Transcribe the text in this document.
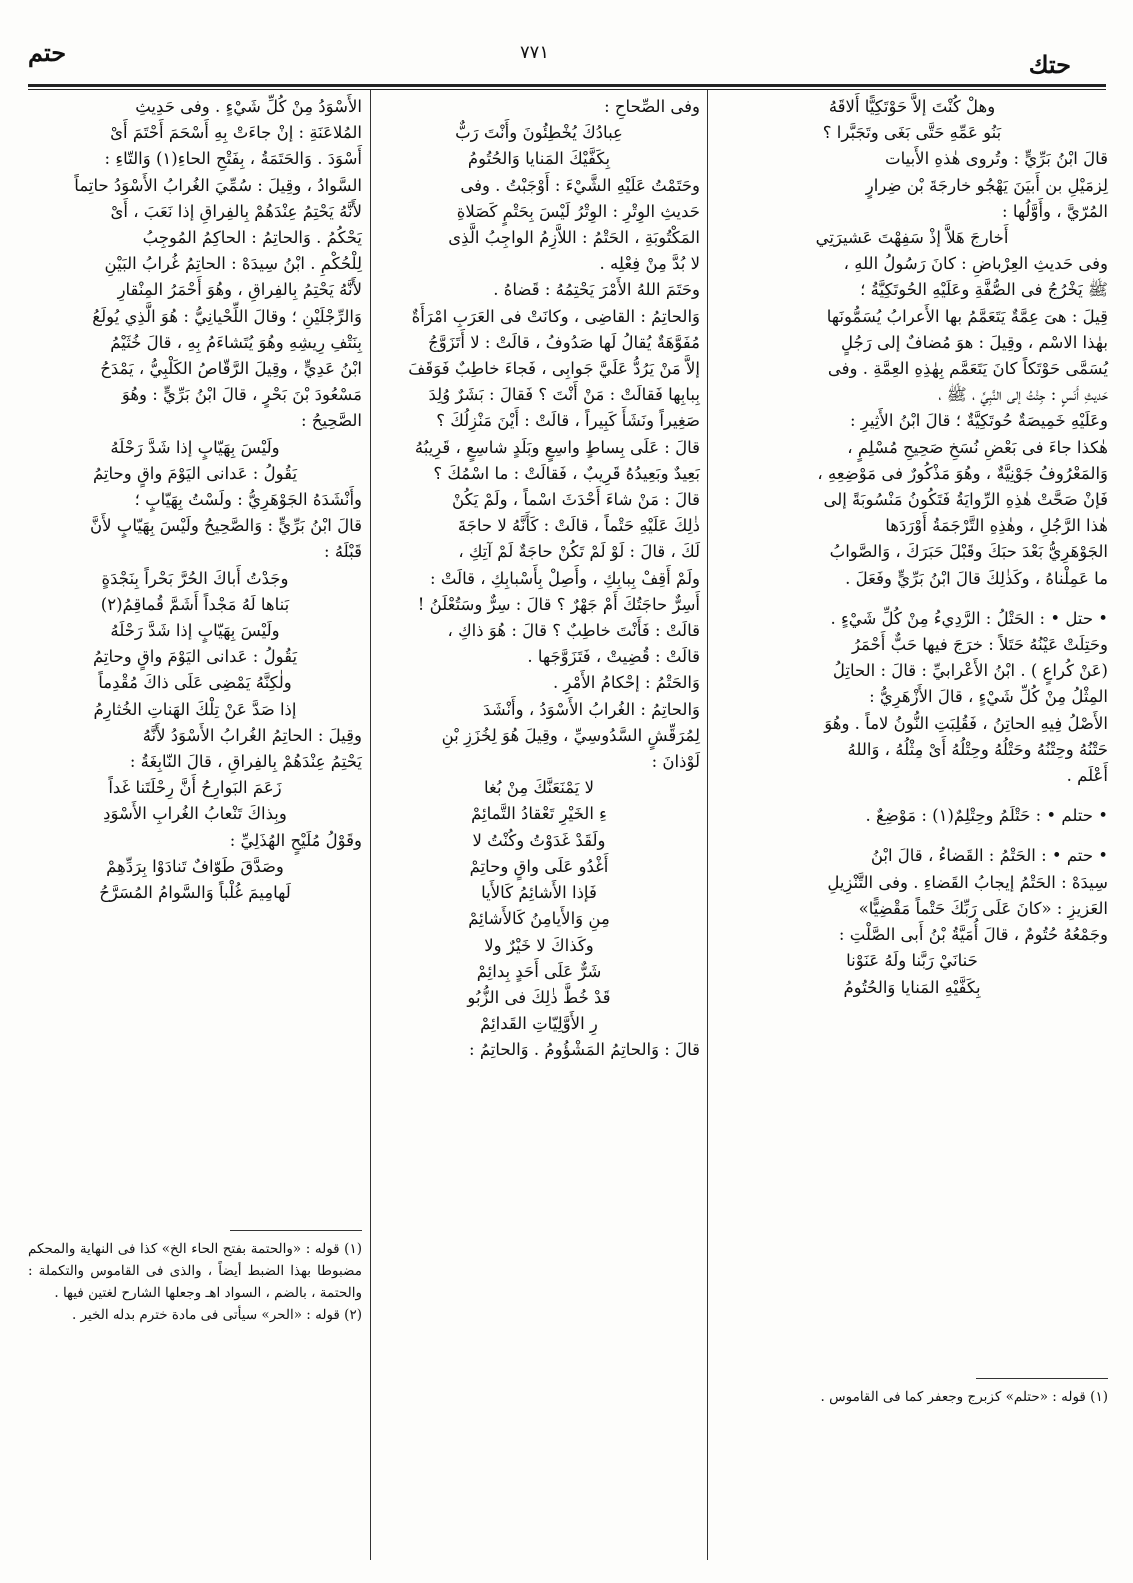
حتم	٧٧١	حتك

وهلْ كُنْتَ إلاَّ حَوْتَكِيًّا أَلاقَهُ

بَنُو عَمِّهِ حَتَّى بَغَى وتَجَبَّرا ؟

قالَ ابْنُ بَرِّيٍّ : وتُروى هٰذهِ الأَبيات

لِزمَيْلِ بن أَبيَنَ يَهْجُو خارجَةَ بْن ضِرارٍ

المُرّيَّ ، وأَوَّلُها :

أَخارجَ هَلاَّ إذْ سَفِهْتَ عَشيرَتِي

وفى حَديثِ العِرْباضِ : كانَ رَسُولُ اللهِ ،

ﷺ يَخْرُجُ فى الصُّفَّةِ وعَلَيْهِ الحُوتَكِيَّةُ ؛

قِيلَ : هىَ عِمَّةٌ يَتَعَمَّمُ بها الأَعرابُ يُسَمُّونَها

بهٰذا الاسْم ، وقِيلَ : هوَ مُضافٌ إلى رَجُلٍ

يُسَمَّى حَوْتَكاً كانَ يَتَعَمَّم بِهٰذِهِ العِمَّةِ . وفى

حَديثِ أَنَسٍ : جِئْتُ إلى النَّبِيِّ ، ﷺ ،

وعَلَيْهِ خَمِيصَةٌ حُوتَكِيَّةٌ ؛ قالَ ابْنُ الأَثِيرِ :

هٰكذا جاءَ فى بَعْضِ نُسَخِ صَحِيحِ مُسْلِمٍ ،

وَالمَعْرُوفُ جَوْنِيَّةٌ ، وهُوَ مَذْكُورٌ فى مَوْضِعِهِ ،

فَإنْ صَحَّتْ هٰذِهِ الرِّوايَةُ فَتَكُونُ مَنْسُوبَةً إلى

هٰذا الرَّجُلِ ، وهٰذِهِ التَّرْجَمَةُ أَوْرَدَها

الجَوْهَرِيُّ بَعْدَ حبَكَ وقَبْلَ حَبَرَكَ ، وَالصَّوابُ

ما عَمِلْناهُ ، وكَذٰلِكَ قالَ ابْنُ بَرِّيٍّ وفَعَلَ .

• حتل • : الحَتْلُ : الرَّدِيءُ مِنْ كُلِّ شَيْءٍ .

وحَتِلَتْ عَيْنُهُ حَتَلاً : خرَجَ فيها حَبٌّ أَحْمَرُ

(عَنْ كُراعٍ ) . ابْنُ الأَعْرابيِّ : قالَ : الحاتِلُ

المِثْلُ مِنْ كُلِّ شَيْءٍ ، قالَ الأَزْهَرِيُّ :

الأَصْلُ فِيهِ الحاتِنُ ، فَقُلِبَتِ النُّونُ لاماً . وهُوَ

حَتْنُهُ وحِتْنُهُ وحَتْلُهُ وحِتْلُهُ أَىْ مِثْلُهُ ، وَاللهُ

أَعْلَم .

• حتلم • : حَتْلَمُ وحِتْلِمٌ(١) : مَوْضِعٌ .

• حتم • : الحَتْمُ : القَضاءُ ، قالَ ابْنُ

سِيدَهْ : الحَتْمُ إيجابُ القَضاءِ . وفى التَّنْزِيلِ

العَزيزِ : «كانَ عَلَى رَبِّكَ حَتْماً مَقْضِيًّا»

وجَمْعُهُ حُتُومٌ ، قالَ أُمَيَّةُ بْنُ أَبى الصَّلْتِ :

حَنانَيْ رَبَّنا ولَهُ عَنَوْنا

بِكَفَّيْهِ المَنايا وَالحُتُومُ

وفى الصِّحاحِ :

عِبادُكَ يُخْطِئُونَ وأَنْتَ رَبٌّ

بِكَفَّيْكَ المَنايا وَالحُتُومُ

وحَتَمْتُ عَلَيْهِ الشَّيْءَ : أَوْجَبْتُ . وفى

حَديثِ الوِتْرِ : الوِتْرُ لَيْسَ بِحَتْمٍ كَصَلاةِ

المَكْتُوبَةِ ، الحَتْمُ : اللاَّزِمُ الواجِبُ الَّذِى

لا بُدَّ مِنْ فِعْلِه .

وحَتَمَ اللهُ الأَمْرَ يَحْتِمُهُ : قَضاهُ .

وَالحاتِمُ : القاضِى ، وكانَتْ فى العَرَبِ امْرَأَةٌ

مُفَوَّهَةٌ يُقالُ لَها صَدُوفُ ، قالَتْ : لا أَتَزَوَّجُ

إلاَّ مَنْ يَرُدُّ عَلَيَّ جَوابِى ، فَجاءَ خاطِبٌ فَوَقَفَ

بِبابِها فَقالَتْ : مَنْ أَنْتَ ؟ فَقالَ : بَشَرٌ وُلِدَ

صَغِيراً ونَشَأَ كَبِيراً ، قالَتْ : أَيْنَ مَنْزِلُكَ ؟

قالَ : عَلَى بِساطٍ واسِعٍ وبَلَدٍ شاسِعٍ ، قَرِيبُهُ

بَعِيدٌ وبَعِيدُهُ قَرِيبٌ ، فَقالَتْ : ما اسْمُكَ ؟

قالَ : مَنْ شاءَ أَحْدَثَ اسْماً ، ولَمْ يَكُنْ

ذٰلِكَ عَلَيْهِ حَتْماً ، قالَتْ : كَأَنَّهُ لا حاجَةَ

لَكَ ، قالَ : لَوْ لَمْ تَكُنْ حاجَةٌ لَمْ آتِكِ ،

ولَمْ أَقِفْ بِبابِكِ ، وأَصِلْ بِأَسْبابِكِ ، قالَتْ :

أَسِرٌّ حاجَتُكَ أَمْ جَهْرٌ ؟ قالَ : سِرٌّ وسَتُعْلَنُ !

قالَتْ : فَأَنْتَ خاطِبٌ ؟ قالَ : هُوَ ذاكِ ،

قالَتْ : قُضِيتْ ، فَتَزَوَّجَها .

وَالحَتْمُ : إحْكامُ الأَمْرِ .

وَالحاتِمُ : الغُرابُ الأَسْوَدُ ، وأَنْشَدَ

لِمُرَقِّشٍ السَّدُوسِيِّ ، وقِيلَ هُوَ لِخُزَزِ بْنِ

لَوْذانَ :

لا يَمْنَعَنَّكَ مِنْ بُغا

ءِ الخَيْرِ تَعْقادُ التَّمائِمْ

ولَقَدْ غَدَوْتُ وكُنْتُ لا

أَغْدُو عَلَى واقٍ وحاتِمْ

فَإذا الأَشائِمُ كَالأَيا

مِنِ وَالأَيامِنُ كَالأَشائِمْ

وكَذاكَ لا خَيْرٌ ولا

شَرٌّ عَلَى أَحَدٍ بِدائِمْ

قَدْ خُطَّ ذٰلِكَ فى الزُّبُو

رِ الأَوَّلِيّاتِ القَدائِمْ

قالَ : وَالحاتِمُ المَشْؤُومُ . وَالحاتِمُ :

الأَسْوَدُ مِنْ كُلِّ شَيْءٍ . وفى حَدِيثِ

المُلاعَنَةِ : إنْ جاءَتْ بِهِ أَسْحَمَ أَحْتَمَ أَىْ

أَسْوَدَ . وَالحَتَمَةُ ، بِفَتْحِ الحاءِ(١) وَالتّاءِ :

السَّوادُ ، وقِيلَ : سُمِّيَ الغُرابُ الأَسْوَدُ حاتِماً

لأَنَّهُ يَحْتِمُ عِنْدَهُمْ بِالفِراقِ إذا نَعَبَ ، أَىْ

يَحْكُمُ . وَالحاتِمُ : الحاكِمُ المُوجِبُ

لِلْحُكْمِ . ابْنُ سِيدَهْ : الحاتِمُ غُرابُ البَيْنِ

لأَنَّهُ يَحْتِمُ بِالفِراقِ ، وهُوَ أَحْمَرُ المِنْقارِ

وَالرِّجْلَيْنِ ؛ وقالَ اللِّحْيانِيُّ : هُوَ الَّذِي يُولَعُ

بِنَتْفِ رِيشِهِ وهُوَ يُتَشاءَمُ بِهِ ، قالَ خُثَيْمُ

ابْنُ عَدِيٍّ ، وقِيلَ الرَّقّاصُ الكَلْبِيُّ ، يَمْدَحُ

مَسْعُودَ بْنَ بَحْرٍ ، قالَ ابْنُ بَرِّيٍّ : وهُوَ

الصَّحِيحُ :

ولَيْسَ بِهَيّابٍ إذا شَدَّ رَحْلَهُ

يَقُولُ : عَدانى اليَوْمَ واقٍ وحاتِمُ

وأَنْشَدَهُ الجَوْهَرِيُّ : ولَسْتُ بِهَيّابٍ ؛

قالَ ابْنُ بَرِّيٍّ : وَالصَّحِيحُ ولَيْسَ بِهَيّابٍ لأَنَّ

قَبْلَهُ :

وجَدْتُ أَباكَ الحُرَّ بَحْراً بِنَجْدَةٍ

بَناها لَهُ مَجْداً أَشَمَّ قُماقِمُ(٢)

ولَيْسَ بِهَيّابٍ إذا شَدَّ رَحْلَهُ

يَقُولُ : عَدانى اليَوْمَ واقٍ وحاتِمُ

ولٰكِنَّهُ يَمْضِى عَلَى ذاكَ مُقْدِماً

إذا صَدَّ عَنْ تِلْكَ الهَناتِ الخُثارِمُ

وقِيلَ : الحاتِمُ الغُرابُ الأَسْوَدُ لأَنَّهُ

يَحْتِمُ عِنْدَهُمْ بِالفِراقِ ، قالَ النّابِغَةُ :

زَعَمَ البَوارِحُ أَنَّ رِحْلَتَنا غَداً

وبِذاكَ تَنْعابُ الغُرابِ الأَسْوَدِ

وقَوْلُ مُلَيْحٍ الهُذَلِيِّ :

وصَدَّقَ طَوّافٌ تَنادَوْا بِرَدِّهِمْ

لَهامِيمَ غُلْباً وَالسَّوامُ المُسَرَّحُ

(١) قوله : «والحتمة بفتح الحاء الخ» كذا فى النهاية والمحكم مضبوطا بهذا الضبط أيضاً ، والذى فى القاموس والتكملة : والحتمة ، بالضم ، السواد اهـ وجعلها الشارح لغتين فيها .

(٢) قوله : «الحر» سيأتى فى مادة خترم بدله الخير .

(١) قوله : «حتلم» كزبرج وجعفر كما فى القاموس .
